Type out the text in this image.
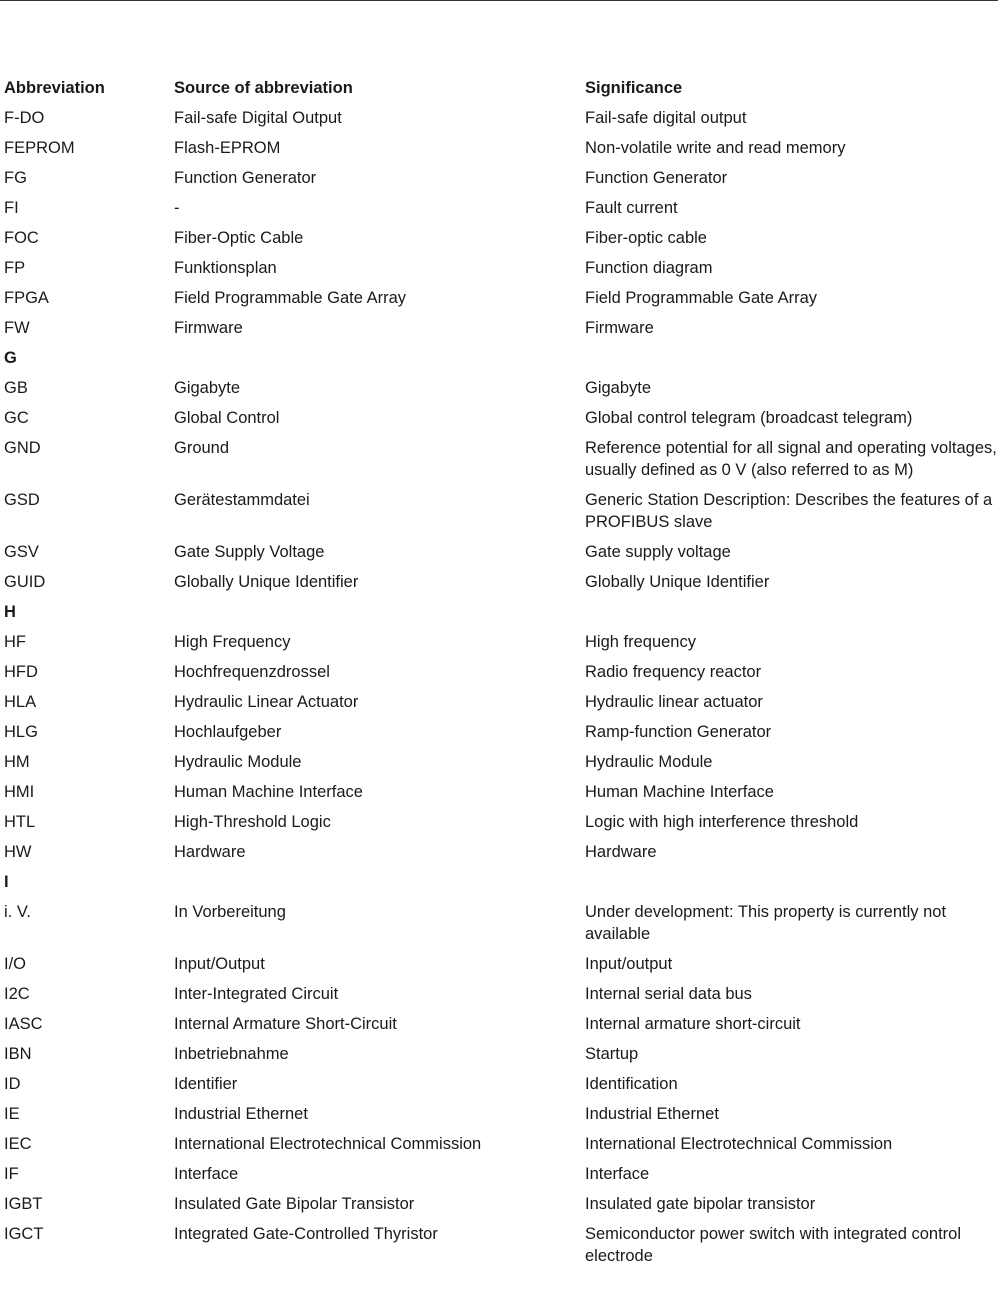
Abbreviation	Source of abbreviation	Significance
F-DO	Fail-safe Digital Output	Fail-safe digital output
FEPROM	Flash-EPROM	Non-volatile write and read memory
FG	Function Generator	Function Generator
FI	-	Fault current
FOC	Fiber-Optic Cable	Fiber-optic cable
FP	Funktionsplan	Function diagram
FPGA	Field Programmable Gate Array	Field Programmable Gate Array
FW	Firmware	Firmware
G		
GB	Gigabyte	Gigabyte
GC	Global Control	Global control telegram (broadcast telegram)
GND	Ground	Reference potential for all signal and operating voltages, usually defined as 0 V (also referred to as M)
GSD	Gerätestammdatei	Generic Station Description: Describes the features of a PROFIBUS slave
GSV	Gate Supply Voltage	Gate supply voltage
GUID	Globally Unique Identifier	Globally Unique Identifier
H		
HF	High Frequency	High frequency
HFD	Hochfrequenzdrossel	Radio frequency reactor
HLA	Hydraulic Linear Actuator	Hydraulic linear actuator
HLG	Hochlaufgeber	Ramp-function Generator
HM	Hydraulic Module	Hydraulic Module
HMI	Human Machine Interface	Human Machine Interface
HTL	High-Threshold Logic	Logic with high interference threshold
HW	Hardware	Hardware
I		
i. V.	In Vorbereitung	Under development: This property is currently not available
I/O	Input/Output	Input/output
I2C	Inter-Integrated Circuit	Internal serial data bus
IASC	Internal Armature Short-Circuit	Internal armature short-circuit
IBN	Inbetriebnahme	Startup
ID	Identifier	Identification
IE	Industrial Ethernet	Industrial Ethernet
IEC	International Electrotechnical Commission	International Electrotechnical Commission
IF	Interface	Interface
IGBT	Insulated Gate Bipolar Transistor	Insulated gate bipolar transistor
IGCT	Integrated Gate-Controlled Thyristor	Semiconductor power switch with integrated control electrode
